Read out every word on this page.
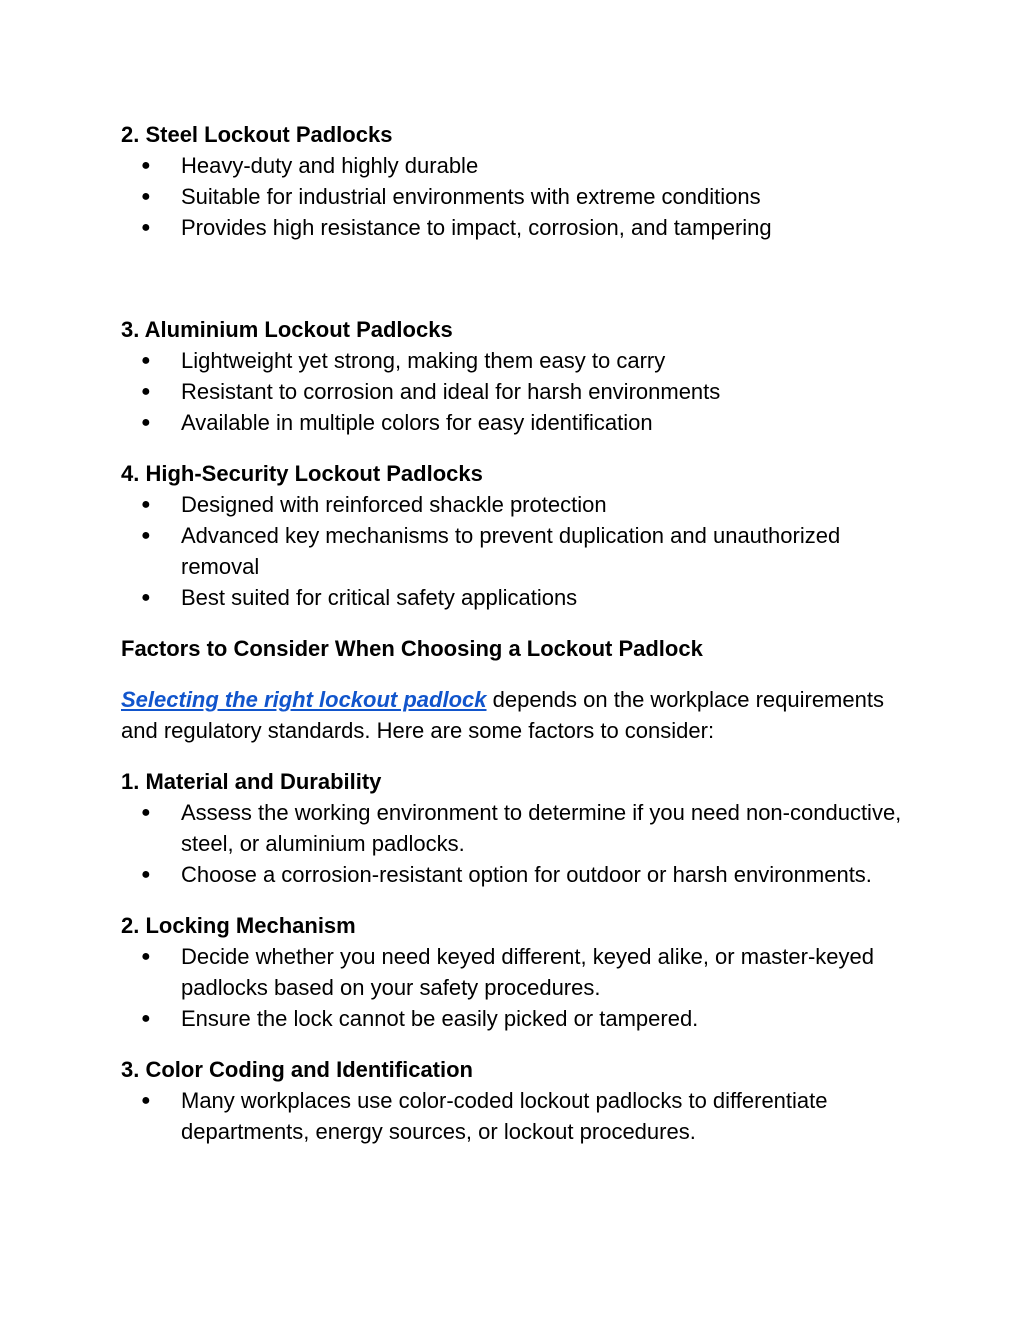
2. Steel Lockout Padlocks

● Heavy-duty and highly durable
● Suitable for industrial environments with extreme conditions
● Provides high resistance to impact, corrosion, and tampering

3. Aluminium Lockout Padlocks

● Lightweight yet strong, making them easy to carry
● Resistant to corrosion and ideal for harsh environments
● Available in multiple colors for easy identification

4. High-Security Lockout Padlocks

● Designed with reinforced shackle protection
● Advanced key mechanisms to prevent duplication and unauthorized removal
● Best suited for critical safety applications

Factors to Consider When Choosing a Lockout Padlock

Selecting the right lockout padlock depends on the workplace requirements and regulatory standards. Here are some factors to consider:

1. Material and Durability

● Assess the working environment to determine if you need non-conductive, steel, or aluminium padlocks.
● Choose a corrosion-resistant option for outdoor or harsh environments.

2. Locking Mechanism

● Decide whether you need keyed different, keyed alike, or master-keyed padlocks based on your safety procedures.
● Ensure the lock cannot be easily picked or tampered.

3. Color Coding and Identification

● Many workplaces use color-coded lockout padlocks to differentiate departments, energy sources, or lockout procedures.
